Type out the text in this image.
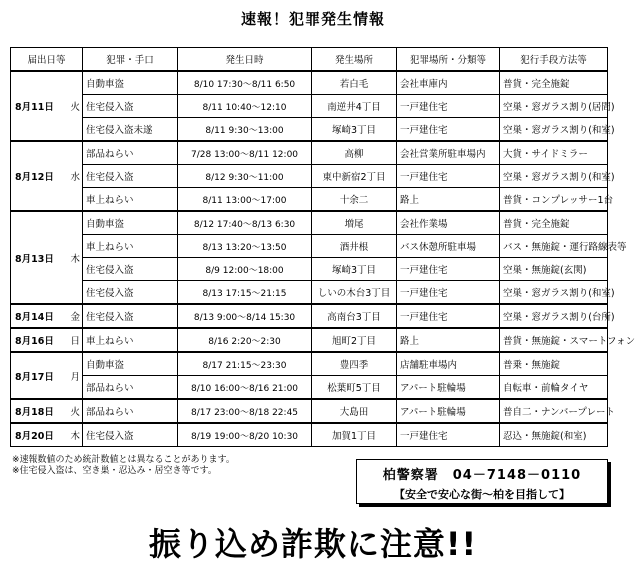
速報！犯罪発生情報
届出日等		犯罪・手口	発生日時	発生場所	犯罪場所・分類等	犯行手段方法等
8月11日	火	自動車盗	8/10 17:30～8/11 6:50	若白毛	会社車庫内	普貨・完全施錠
		住宅侵入盗	8/11 10:40～12:10	南逆井4丁目	一戸建住宅	空巣・窓ガラス割り(居間)
		住宅侵入盗未遂	8/11 9:30～13:00	塚崎3丁目	一戸建住宅	空巣・窓ガラス割り(和室)
8月12日	水	部品ねらい	7/28 13:00～8/11 12:00	高柳	会社営業所駐車場内	大貨・サイドミラー
		住宅侵入盗	8/12 9:30～11:00	東中新宿2丁目	一戸建住宅	空巣・窓ガラス割り(和室)
		車上ねらい	8/11 13:00～17:00	十余二	路上	普貨・コンプレッサー1台
8月13日	木	自動車盗	8/12 17:40～8/13 6:30	増尾	会社作業場	普貨・完全施錠
		車上ねらい	8/13 13:20～13:50	酒井根	バス休憩所駐車場	バス・無施錠・運行路線表等
		住宅侵入盗	8/9 12:00～18:00	塚崎3丁目	一戸建住宅	空巣・無施錠(玄関)
		住宅侵入盗	8/13 17:15～21:15	しいの木台3丁目	一戸建住宅	空巣・窓ガラス割り(和室)
8月14日	金	住宅侵入盗	8/13 9:00～8/14 15:30	高南台3丁目	一戸建住宅	空巣・窓ガラス割り(台所)
8月16日	日	車上ねらい	8/16 2:20～2:30	旭町2丁目	路上	普貨・無施錠・スマートフォン
8月17日	月	自動車盗	8/17 21:15～23:30	豊四季	店舗駐車場内	普乗・無施錠
		部品ねらい	8/10 16:00～8/16 21:00	松葉町5丁目	アパート駐輪場	自転車・前輪タイヤ
8月18日	火	部品ねらい	8/17 23:00～8/18 22:45	大島田	アパート駐輪場	普自二・ナンバープレート
8月20日	木	住宅侵入盗	8/19 19:00～8/20 10:30	加賀1丁目	一戸建住宅	忍込・無施錠(和室)
※速報数値のため統計数値とは異なることがあります。
※住宅侵入盗は、空き巣・忍込み・居空き等です。	柏警察署　04－7148－0110
【安全で安心な街～柏を目指して】
振り込め詐欺に注意!!
